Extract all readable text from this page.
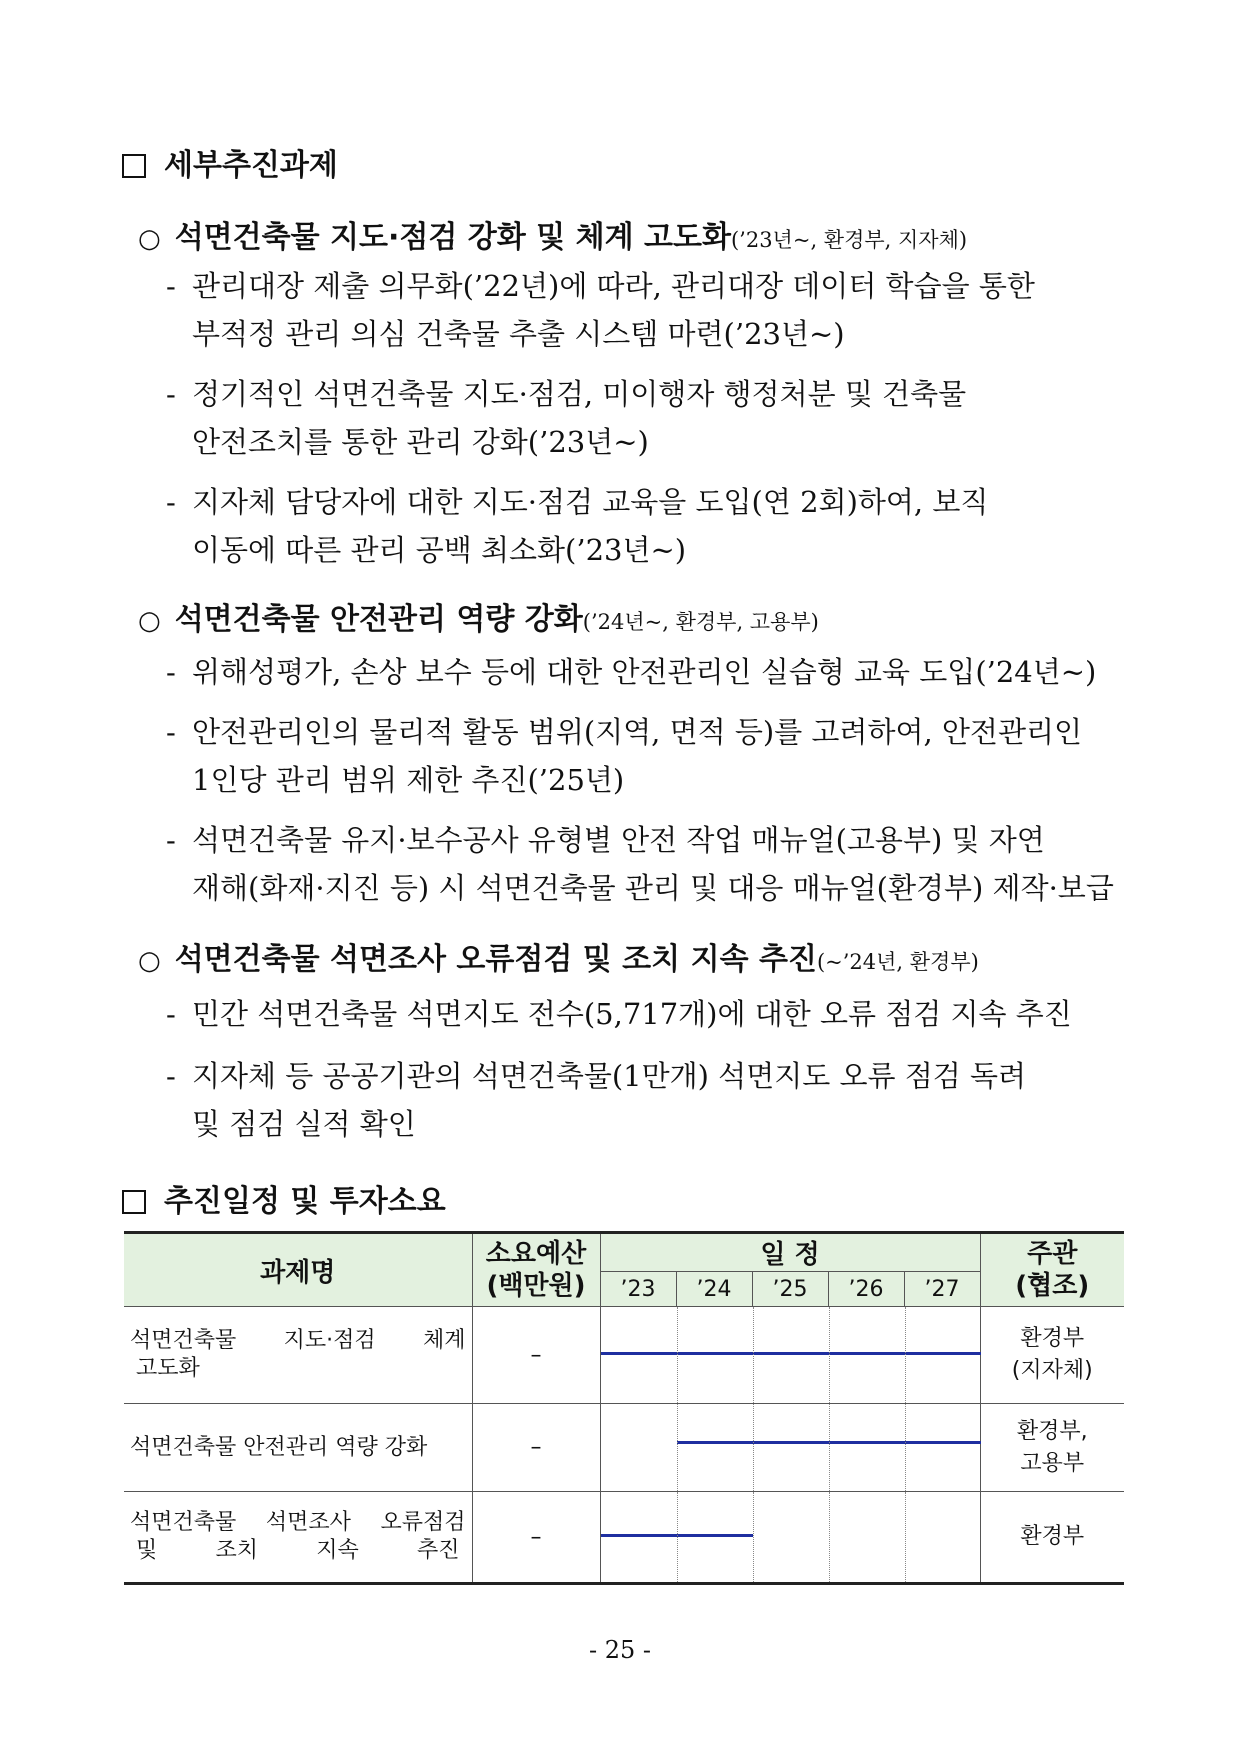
세부추진과제
○ 석면건축물 지도·점검 강화 및 체계 고도화(’23년~, 환경부, 지자체)
- 관리대장 제출 의무화(’22년)에 따라, 관리대장 데이터 학습을 통한
부적정 관리 의심 건축물 추출 시스템 마련(’23년~)
- 정기적인 석면건축물 지도·점검, 미이행자 행정처분 및 건축물
안전조치를 통한 관리 강화(’23년~)
- 지자체 담당자에 대한 지도·점검 교육을 도입(연 2회)하여, 보직
이동에 따른 관리 공백 최소화(’23년~)
○ 석면건축물 안전관리 역량 강화(’24년~, 환경부, 고용부)
- 위해성평가, 손상 보수 등에 대한 안전관리인 실습형 교육 도입(’24년~)
- 안전관리인의 물리적 활동 범위(지역, 면적 등)를 고려하여, 안전관리인
1인당 관리 범위 제한 추진(’25년)
- 석면건축물 유지·보수공사 유형별 안전 작업 매뉴얼(고용부) 및 자연
재해(화재·지진 등) 시 석면건축물 관리 및 대응 매뉴얼(환경부) 제작·보급
○ 석면건축물 석면조사 오류점검 및 조치 지속 추진(~’24년, 환경부)
- 민간 석면건축물 석면지도 전수(5,717개)에 대한 오류 점검 지속 추진
- 지자체 등 공공기관의 석면건축물(1만개) 석면지도 오류 점검 독려
및 점검 실적 확인
추진일정 및 투자소요
과제명	소요예산
(백만원)	일 정					주관
(협조)
		’23	’24	’25	’26	’27	
석면건축물 지도·점검 체계
고도화	–						환경부
(지자체)
석면건축물 안전관리 역량 강화	–						환경부,
고용부
석면건축물 석면조사 오류점검
및 조치 지속 추진	–						환경부
- 25 -
